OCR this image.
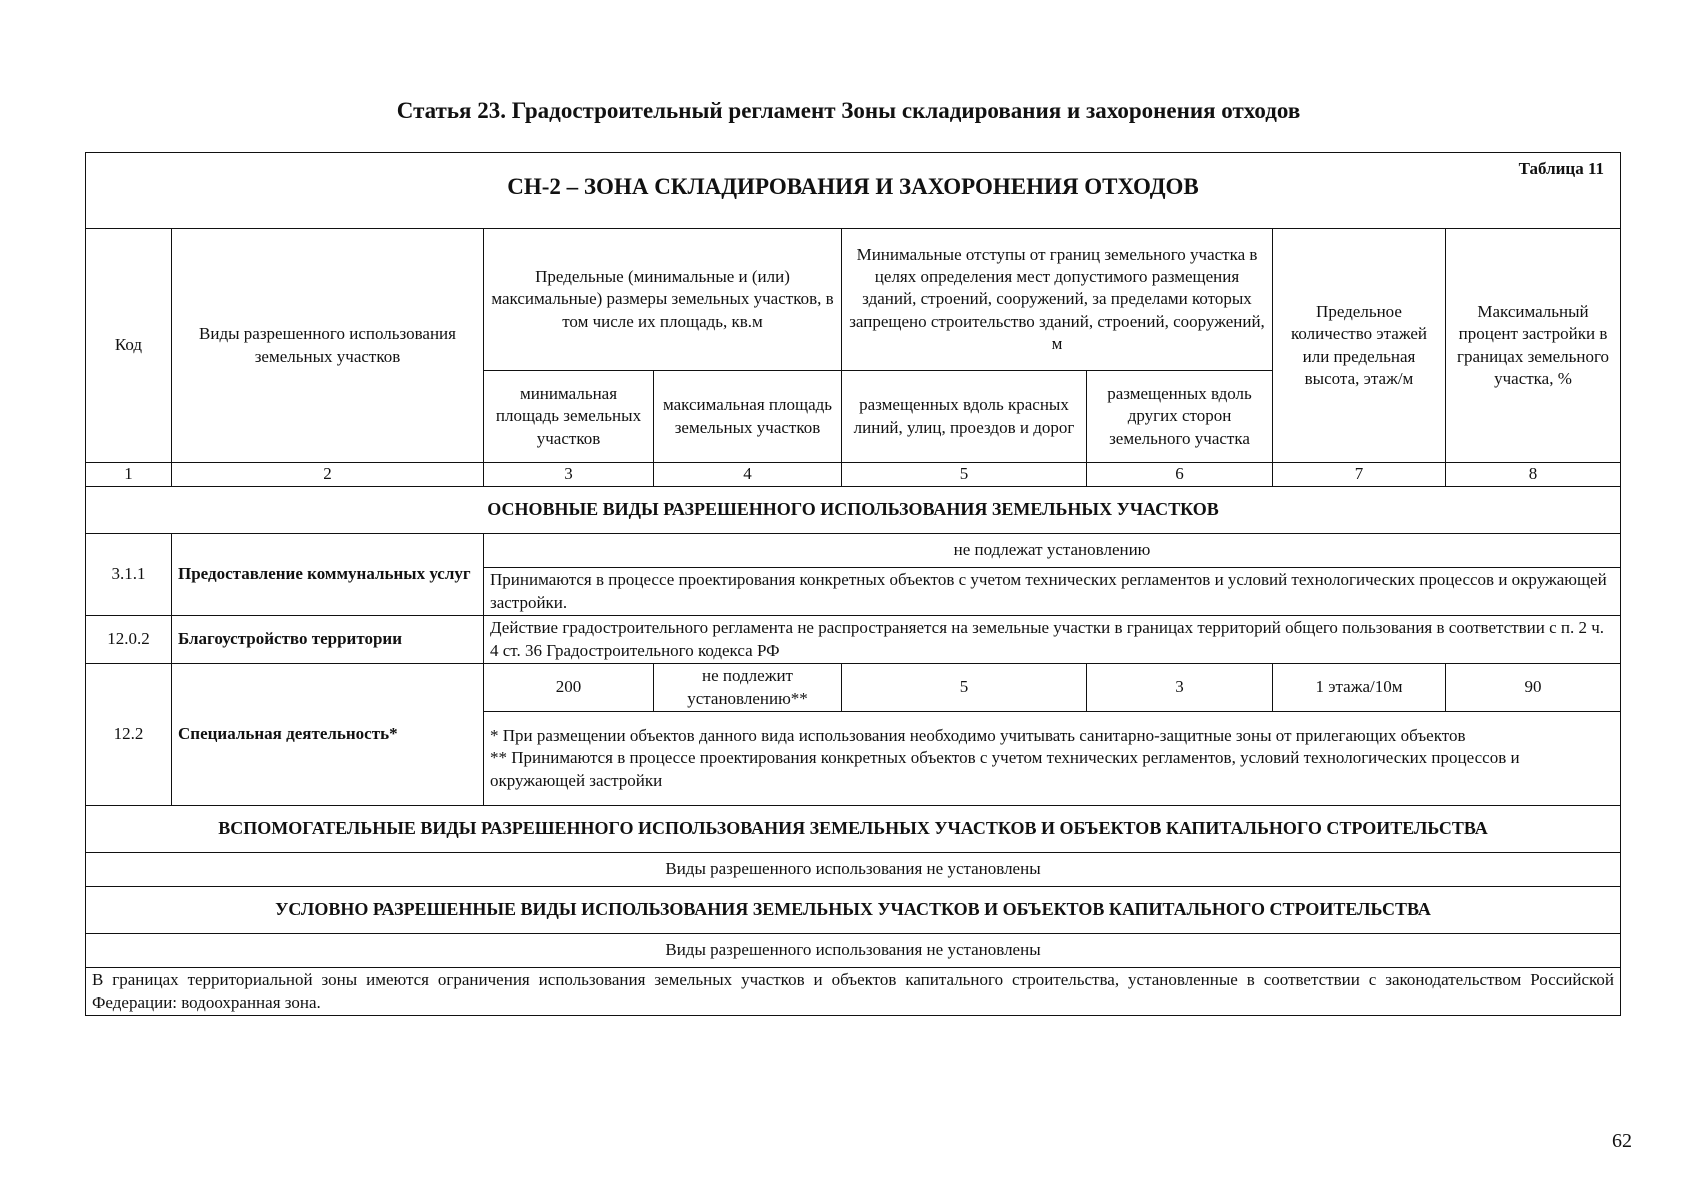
Статья 23. Градостроительный регламент Зоны складирования и захоронения отходов
Таблица 11
СН-2 – ЗОНА СКЛАДИРОВАНИЯ И ЗАХОРОНЕНИЯ ОТХОДОВ							

Код	Виды разрешенного использования земельных участков	Предельные (минимальные и (или) максимальные) размеры земельных участков, в том числе их площадь, кв.м		Минимальные отступы от границ земельного участка в целях определения мест допустимого размещения зданий, строений, сооружений, за пределами которых запрещено строительство зданий, строений, сооружений, м		Предельное количество этажей или предельная высота, этаж/м	Максимальный процент застройки в границах земельного участка, %
		минимальная площадь земельных участков	максимальная площадь земельных участков	размещенных вдоль красных линий, улиц, проездов и дорог	размещенных вдоль других сторон земельного участка		
1	2	3	4	5	6	7	8
ОСНОВНЫЕ ВИДЫ РАЗРЕШЕННОГО ИСПОЛЬЗОВАНИЯ ЗЕМЕЛЬНЫХ УЧАСТКОВ							
3.1.1	Предоставление коммунальных услуг	не подлежат установлению					
		Принимаются в процессе проектирования конкретных объектов с учетом технических регламентов и условий технологических процессов и окружающей застройки.					
12.0.2	Благоустройство территории	Действие градостроительного регламента не распространяется на земельные участки в границах территорий общего пользования в соответствии с п. 2 ч. 4 ст. 36 Градостроительного кодекса РФ					
12.2	Специальная деятельность*	200	не подлежит установлению**	5	3	1 этажа/10м	90

		* При размещении объектов данного вида использования необходимо учитывать санитарно-защитные зоны от прилегающих объектов
** Принимаются в процессе проектирования конкретных объектов с учетом технических регламентов, условий технологических процессов и окружающей застройки					

ВСПОМОГАТЕЛЬНЫЕ ВИДЫ РАЗРЕШЕННОГО ИСПОЛЬЗОВАНИЯ ЗЕМЕЛЬНЫХ УЧАСТКОВ И ОБЪЕКТОВ КАПИТАЛЬНОГО СТРОИТЕЛЬСТВА							
Виды разрешенного использования не установлены							
УСЛОВНО РАЗРЕШЕННЫЕ ВИДЫ ИСПОЛЬЗОВАНИЯ ЗЕМЕЛЬНЫХ УЧАСТКОВ И ОБЪЕКТОВ КАПИТАЛЬНОГО СТРОИТЕЛЬСТВА							
Виды разрешенного использования не установлены							
В границах территориальной зоны имеются ограничения использования земельных участков и объектов капитального строительства, установленные в соответствии с законодательством Российской Федерации: водоохранная зона.							
62
